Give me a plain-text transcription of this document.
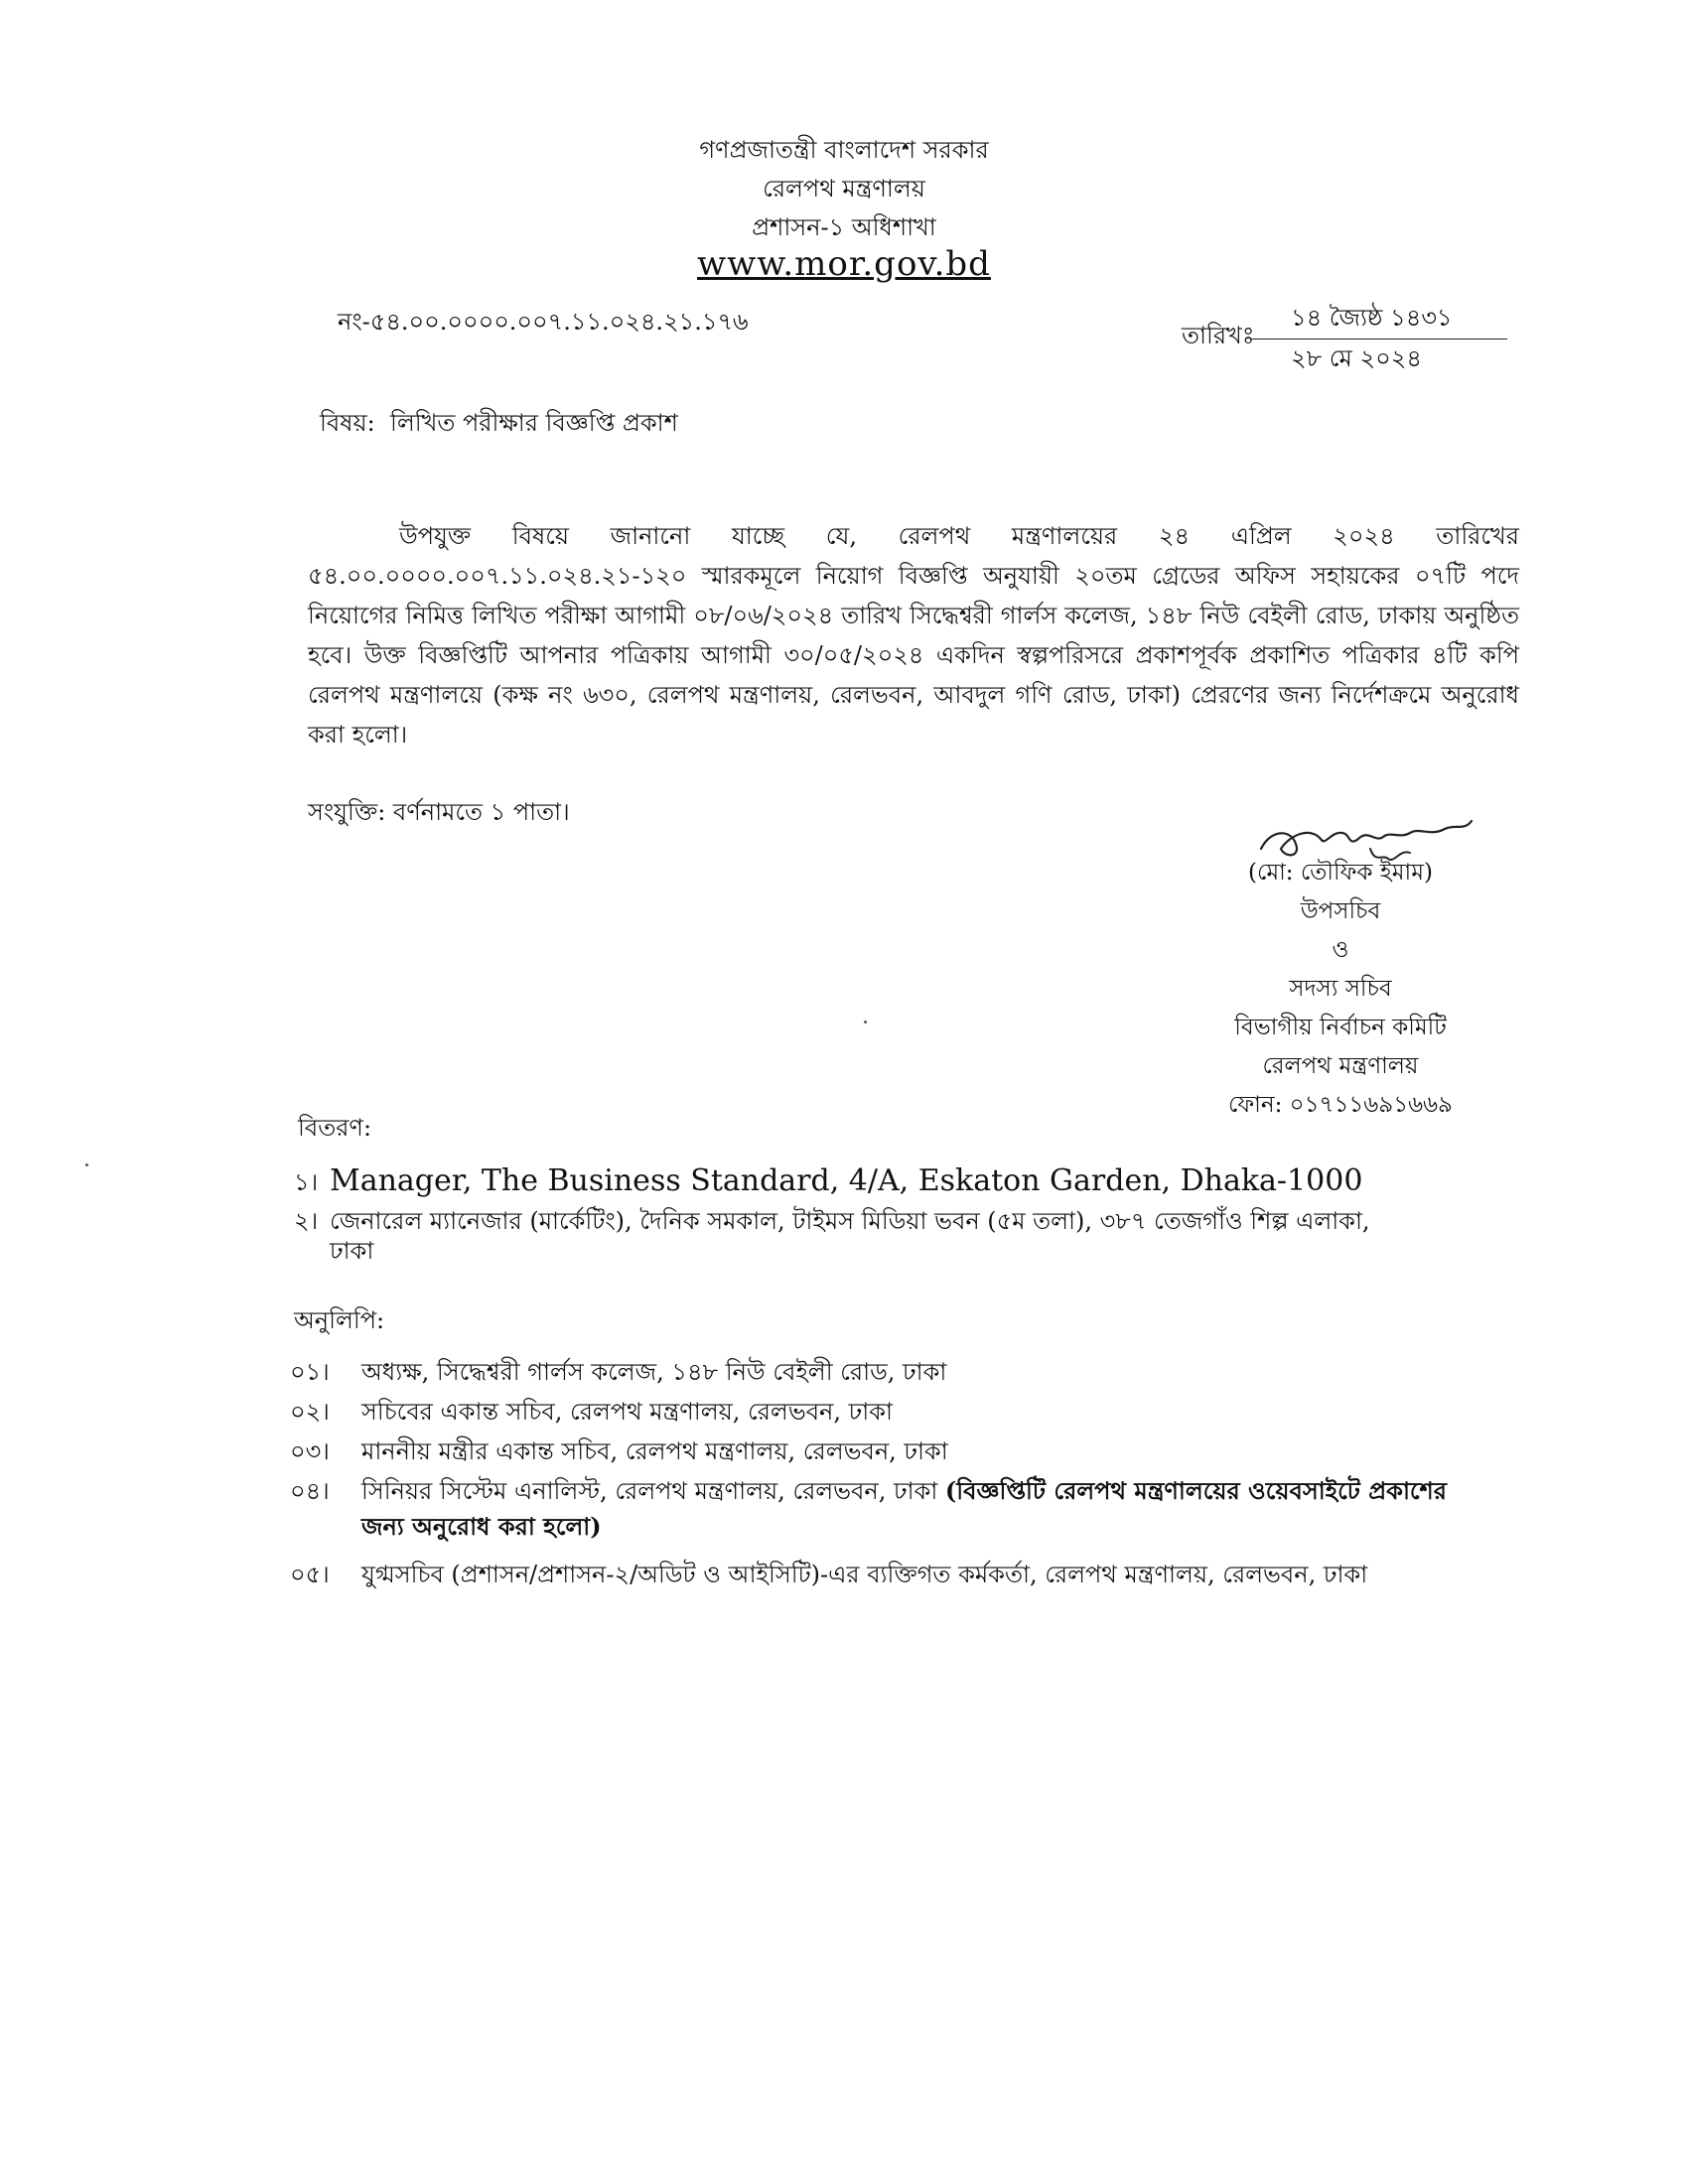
গণপ্রজাতন্ত্রী বাংলাদেশ সরকার
রেলপথ মন্ত্রণালয়
প্রশাসন-১ অধিশাখা
www.mor.gov.bd
নং-৫৪.০০.০০০০.০০৭.১১.০২৪.২১.১৭৬	তারিখঃ
১৪ জ্যৈষ্ঠ ১৪৩১
২৮ মে ২০২৪
বিষয়: লিখিত পরীক্ষার বিজ্ঞপ্তি প্রকাশ
উপযুক্ত বিষয়ে জানানো যাচ্ছে যে, রেলপথ মন্ত্রণালয়ের ২৪ এপ্রিল ২০২৪ তারিখের ৫৪.০০.০০০০.০০৭.১১.০২৪.২১-১২০ স্মারকমূলে নিয়োগ বিজ্ঞপ্তি অনুযায়ী ২০তম গ্রেডের অফিস সহায়কের ০৭টি পদে নিয়োগের নিমিত্ত লিখিত পরীক্ষা আগামী ০৮/০৬/২০২৪ তারিখ সিদ্ধেশ্বরী গার্লস কলেজ, ১৪৮ নিউ বেইলী রোড, ঢাকায় অনুষ্ঠিত হবে। উক্ত বিজ্ঞপ্তিটি আপনার পত্রিকায় আগামী ৩০/০৫/২০২৪ একদিন স্বল্পপরিসরে প্রকাশপূর্বক প্রকাশিত পত্রিকার ৪টি কপি রেলপথ মন্ত্রণালয়ে (কক্ষ নং ৬৩০, রেলপথ মন্ত্রণালয়, রেলভবন, আবদুল গণি রোড, ঢাকা) প্রেরণের জন্য নির্দেশক্রমে অনুরোধ করা হলো।
সংযুক্তি: বর্ণনামতে ১ পাতা।
(মো: তৌফিক ইমাম)
উপসচিব
ও
সদস্য সচিব
বিভাগীয় নির্বাচন কমিটি
রেলপথ মন্ত্রণালয়
ফোন: ০১৭১১৬৯১৬৬৯
বিতরণ:
১। Manager, The Business Standard, 4/A, Eskaton Garden, Dhaka-1000
২। জেনারেল ম্যানেজার (মার্কেটিং), দৈনিক সমকাল, টাইমস মিডিয়া ভবন (৫ম তলা), ৩৮৭ তেজগাঁও শিল্প এলাকা,
ঢাকা
অনুলিপি:
০১। অধ্যক্ষ, সিদ্ধেশ্বরী গার্লস কলেজ, ১৪৮ নিউ বেইলী রোড, ঢাকা
০২। সচিবের একান্ত সচিব, রেলপথ মন্ত্রণালয়, রেলভবন, ঢাকা
০৩। মাননীয় মন্ত্রীর একান্ত সচিব, রেলপথ মন্ত্রণালয়, রেলভবন, ঢাকা
০৪। সিনিয়র সিস্টেম এনালিস্ট, রেলপথ মন্ত্রণালয়, রেলভবন, ঢাকা (বিজ্ঞপ্তিটি রেলপথ মন্ত্রণালয়ের ওয়েবসাইটে প্রকাশের জন্য অনুরোধ করা হলো)
০৫। যুগ্মসচিব (প্রশাসন/প্রশাসন-২/অডিট ও আইসিটি)-এর ব্যক্তিগত কর্মকর্তা, রেলপথ মন্ত্রণালয়, রেলভবন, ঢাকা
